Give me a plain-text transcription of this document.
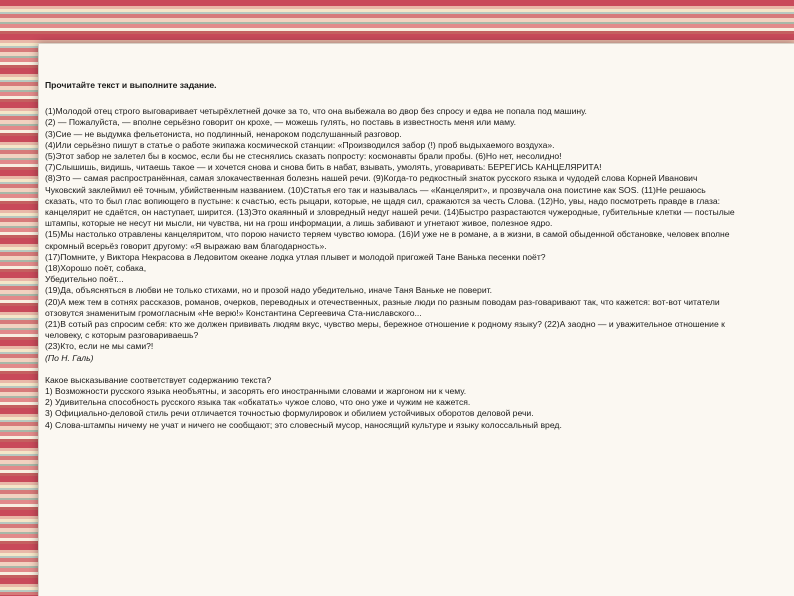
Прочитайте текст и выполните задание.

(1)Молодой отец строго выговаривает четырёхлетней дочке за то, что она выбежала во двор без спросу и едва не попала под машину.

(2) — Пожалуйста, — вполне серьёзно говорит он крохе, — можешь гулять, но поставь в известность меня или маму.

(3)Сие — не выдумка фельетониста, но подлинный, ненароком подслушанный разговор.

(4)Или серьёзно пишут в статье о работе экипажа космической станции: «Производился забор (!) проб выдыхаемого воздуха».

(5)Этот забор не залетел бы в космос, если бы не стеснялись сказать попросту: космонавты брали пробы. (6)Но нет, несолидно!

(7)Слышишь, видишь, читаешь такое — и хочется снова и снова бить в набат, взывать, умолять, уговаривать: БЕРЕГИСЬ КАНЦЕЛЯРИТА!

(8)Это — самая распространённая, самая злокачественная болезнь нашей речи. (9)Когда-то редкостный знаток русского языка и чудодей слова Корней Иванович Чуковский заклеймил её точным, убийственным названием. (10)Статья его так и называлась — «Канцелярит», и прозвучала она поистине как SOS. (11)Не решаюсь сказать, что то был глас вопиющего в пустыне: к счастью, есть рыцари, которые, не щадя сил, сражаются за честь Слова. (12)Но, увы, надо посмотреть правде в глаза: канцелярит не сдаётся, он наступает, ширится. (13)Это окаянный и зловредный недуг нашей речи. (14)Быстро разрастаются чужеродные, губительные клетки — постылые штампы, которые не несут ни мысли, ни чувства, ни на грош информации, а лишь забивают и угнетают живое, полезное ядро.

(15)Мы настолько отравлены канцеляритом, что порою начисто теряем чувство юмора. (16)И уже не в романе, а в жизни, в самой обыденной обстановке, человек вполне скромный всерьёз говорит другому: «Я выражаю вам благодарность».

(17)Помните, у Виктора Некрасова в Ледовитом океане лодка утлая плывет и молодой пригожей Тане Ванька песенки поёт?

(18)Хорошо поёт, собака,

Убедительно поёт...

(19)Да, объясняться в любви не только стихами, но и прозой надо убедительно, иначе Таня Ваньке не поверит.

(20)А меж тем в сотнях рассказов, романов, очерков, переводных и отечественных, разные люди по разным поводам раз-говаривают так, что кажется: вот-вот читатели отзовутся знаменитым громогласным «Не верю!» Константина Сергеевича Ста-ниславского...

(21)В сотый раз спросим себя: кто же должен прививать людям вкус, чувство меры, бережное отношение к родному языку? (22)А заодно — и уважительное отношение к человеку, с которым разговариваешь?

(23)Кто, если не мы сами?!

(По Н. Галь)

Какое высказывание соответствует содержанию текста?

1) Возможности русского языка необъятны, и засорять его иностранными словами и жаргоном ни к чему.

2) Удивительна способность русского языка так «обкатать» чужое слово, что оно уже и чужим не кажется.

3) Официально-деловой стиль речи отличается точностью формулировок и обилием устойчивых оборотов деловой речи.

4) Слова-штампы ничему не учат и ничего не сообщают; это словесный мусор, наносящий культуре и языку колоссальный вред.
